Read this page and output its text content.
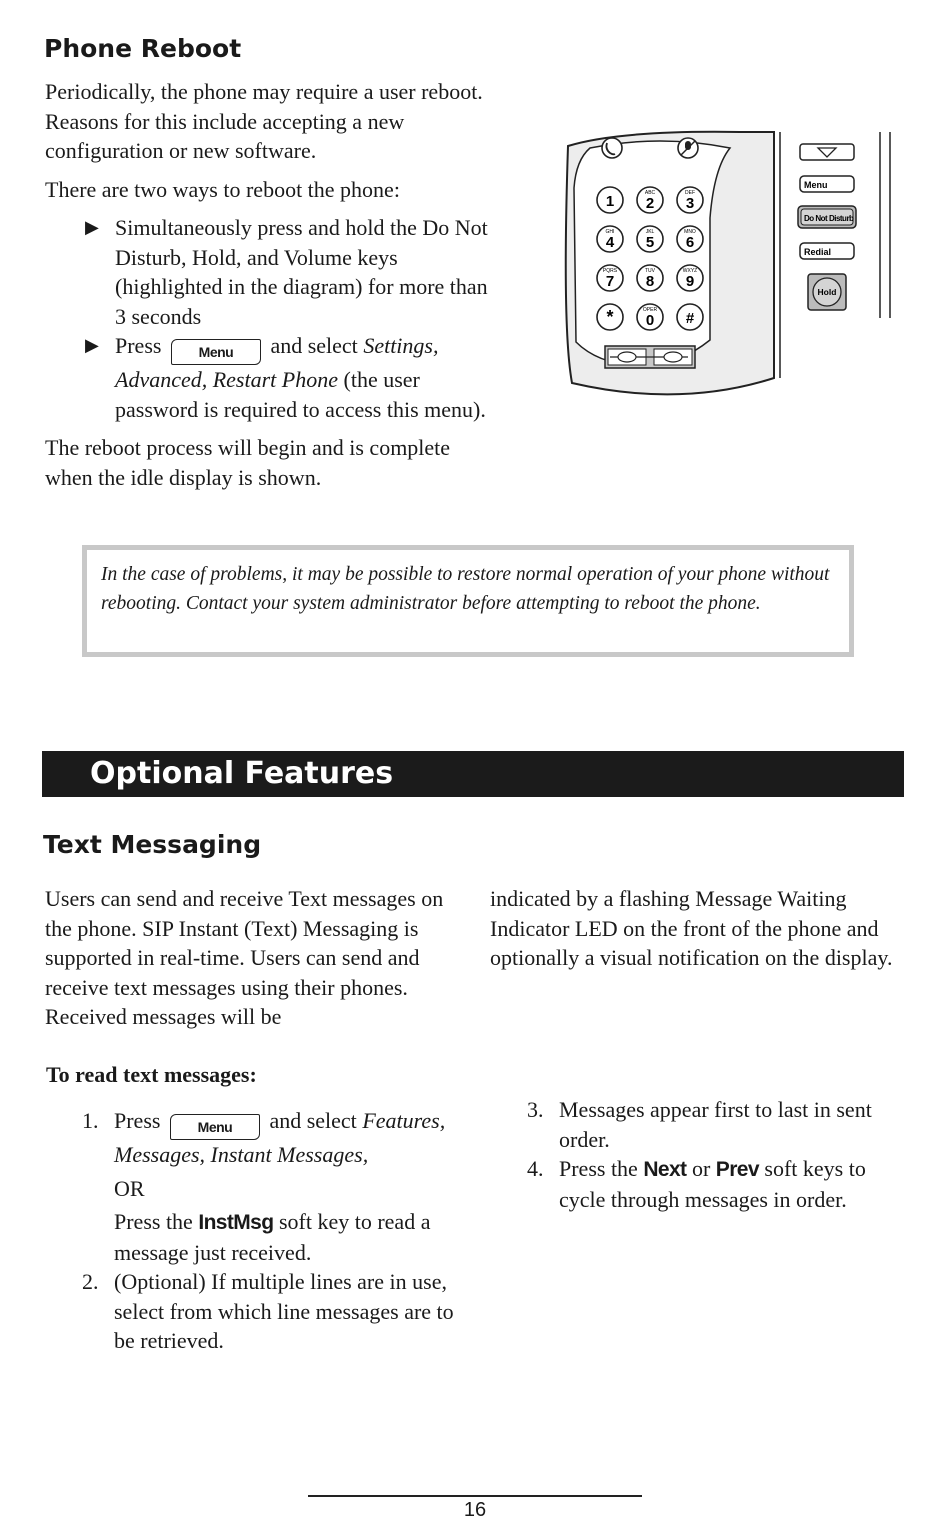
Phone Reboot

Periodically, the phone may require a user reboot. Reasons for this include accepting a new configuration or new software.

There are two ways to reboot the phone:

▶ Simultaneously press and hold the Do Not Disturb, Hold, and Volume keys (highlighted in the diagram) for more than 3 seconds
▶ Press	Menu and select Settings, Advanced, Restart Phone (the user password is required to access this menu).

The reboot process will begin and is complete when the idle display is shown.

1	ABC
2
DEF
3
GHI
4
JKL
5
MNO
6
PQRS
7
TUV
8
WXYZ
9
*	OPER
0 #
Menu
Do Not Disturb
Redial
Hold
In the case of problems, it may be possible to restore normal operation of your phone without rebooting. Contact your system administrator before attempting to reboot the phone.
Optional Features
Text Messaging
Users can send and receive Text messages on the phone. SIP Instant (Text) Messaging is supported in real-time. Users can send and receive text messages using their phones. Received messages will be
indicated by a flashing Message Waiting Indicator LED on the front of the phone and optionally a visual notification on the display.
To read text messages:
1. Press	Menu and select Features, Messages, Instant Messages,
OR
Press the InstMsg soft key to read a message just received.
2. (Optional) If multiple lines are in use, select from which line messages are to be retrieved.
3. Messages appear first to last in sent order.
4. Press the Next or Prev soft keys to cycle through messages in order.
16
